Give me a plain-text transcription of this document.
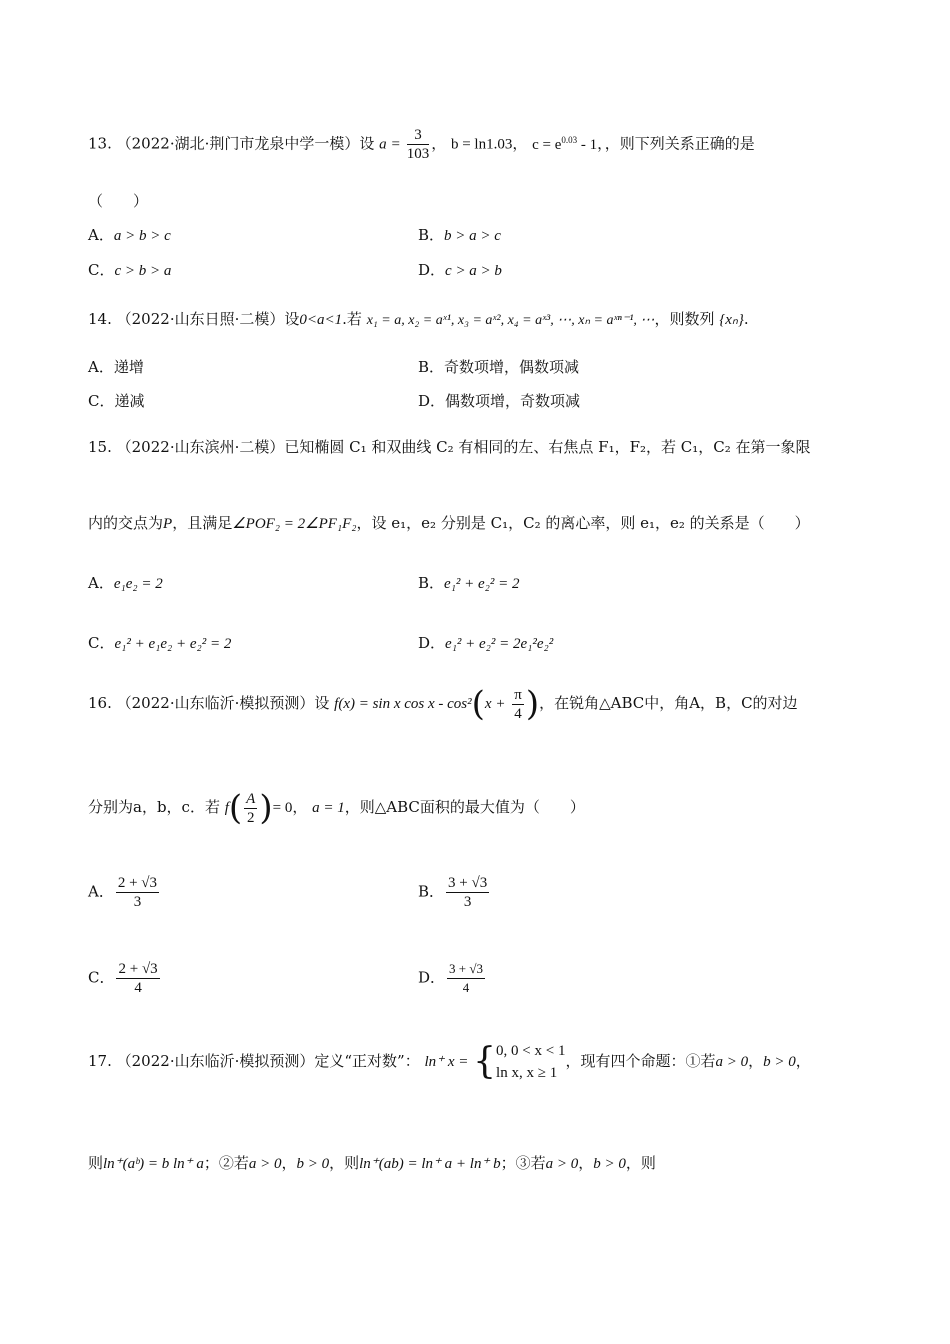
13. （2022·湖北·荆门市龙泉中学一模）设 $a = \frac{3}{103}$ ， b = ln1.03， $c = e^{0.03} - 1$，，则下列关系正确的是
（　　）
A．a > b > c	B．b > a > c
C．c > b > a	D．c > a > b
14. （2022·山东日照·二模）设0<a<1.若 x₁ = a, x₂ = aˣ¹, x₃ = aˣ², x₄ = aˣ³, ⋯, xₙ = aˣⁿ⁻¹, ⋯，则数列 {xₙ}.
A．递增	B．奇数项增，偶数项减
C．递减	D．偶数项增，奇数项减
15. （2022·山东滨州·二模）已知椭圆 C₁ 和双曲线 C₂ 有相同的左、右焦点 F₁，F₂，若 C₁，C₂ 在第一象限
内的交点为P，且满足∠POF₂ = 2∠PF₁F₂，设 e₁，e₂ 分别是 C₁，C₂ 的离心率，则 e₁，e₂ 的关系是（　　）
A．e₁e₂ = 2	B．e₁² + e₂² = 2
C．e₁² + e₁e₂ + e₂² = 2	D．e₁² + e₂² = 2e₁²e₂²
16. （2022·山东临沂·模拟预测）设 f(x) = sin x $\cos x - \cos^2(x + \frac{\pi}{4}$ )，在锐角△ABC中，角A，B，C的对边
分别为a，b，c．若 $f( \frac{A}{2}$ )= 0， a = 1，则△ABC面积的最大值为（　　）
A． $\frac{2 + √3}{3}$	B． $\frac{3 + √3}{3}$
C． $\frac{2 + √3}{4}$	D． $\frac{3 + √3}{4}$
17. （2022·山东临沂·模拟预测）定义“正对数”： ln⁺ x = { 0, 0 < x < 1
ln x, x ≥ 1
，现有四个命题：①若a > 0，b > 0，
则ln⁺(aᵇ) = b ln⁺ a；②若a > 0，b > 0，则ln⁺(ab) = ln⁺ a + ln⁺ b；③若a > 0，b > 0，则
